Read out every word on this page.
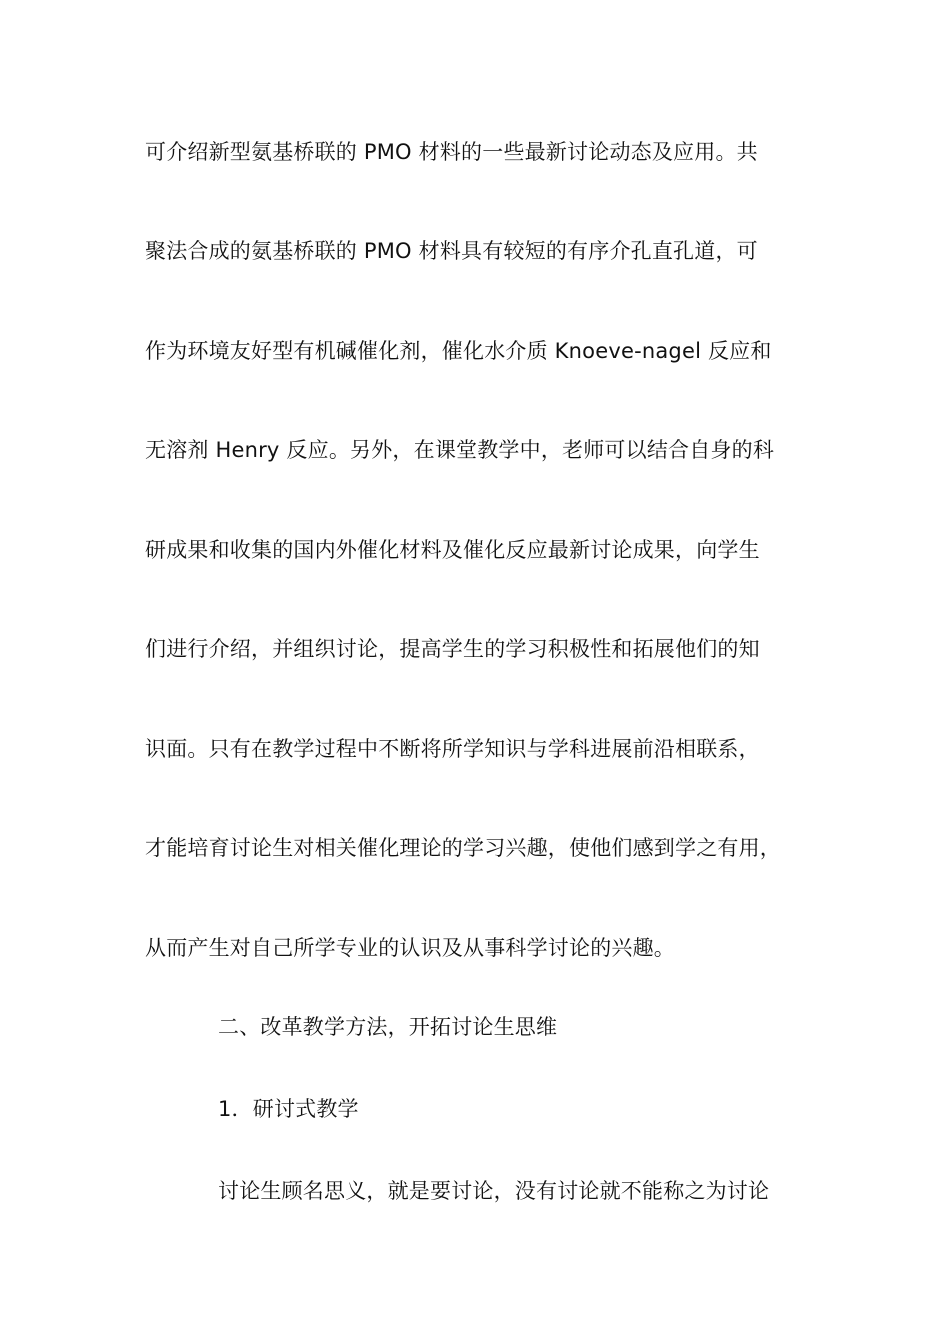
可介绍新型氨基桥联的 PMO 材料的一些最新讨论动态及应用。共
聚法合成的氨基桥联的 PMO 材料具有较短的有序介孔直孔道，可
作为环境友好型有机碱催化剂，催化水介质 Knoeve-nagel 反应和
无溶剂 Henry 反应。另外，在课堂教学中，老师可以结合自身的科
研成果和收集的国内外催化材料及催化反应最新讨论成果，向学生
们进行介绍，并组织讨论，提高学生的学习积极性和拓展他们的知
识面。只有在教学过程中不断将所学知识与学科进展前沿相联系，
才能培育讨论生对相关催化理论的学习兴趣，使他们感到学之有用，
从而产生对自己所学专业的认识及从事科学讨论的兴趣。
二、改革教学方法，开拓讨论生思维
1．研讨式教学
讨论生顾名思义，就是要讨论，没有讨论就不能称之为讨论
